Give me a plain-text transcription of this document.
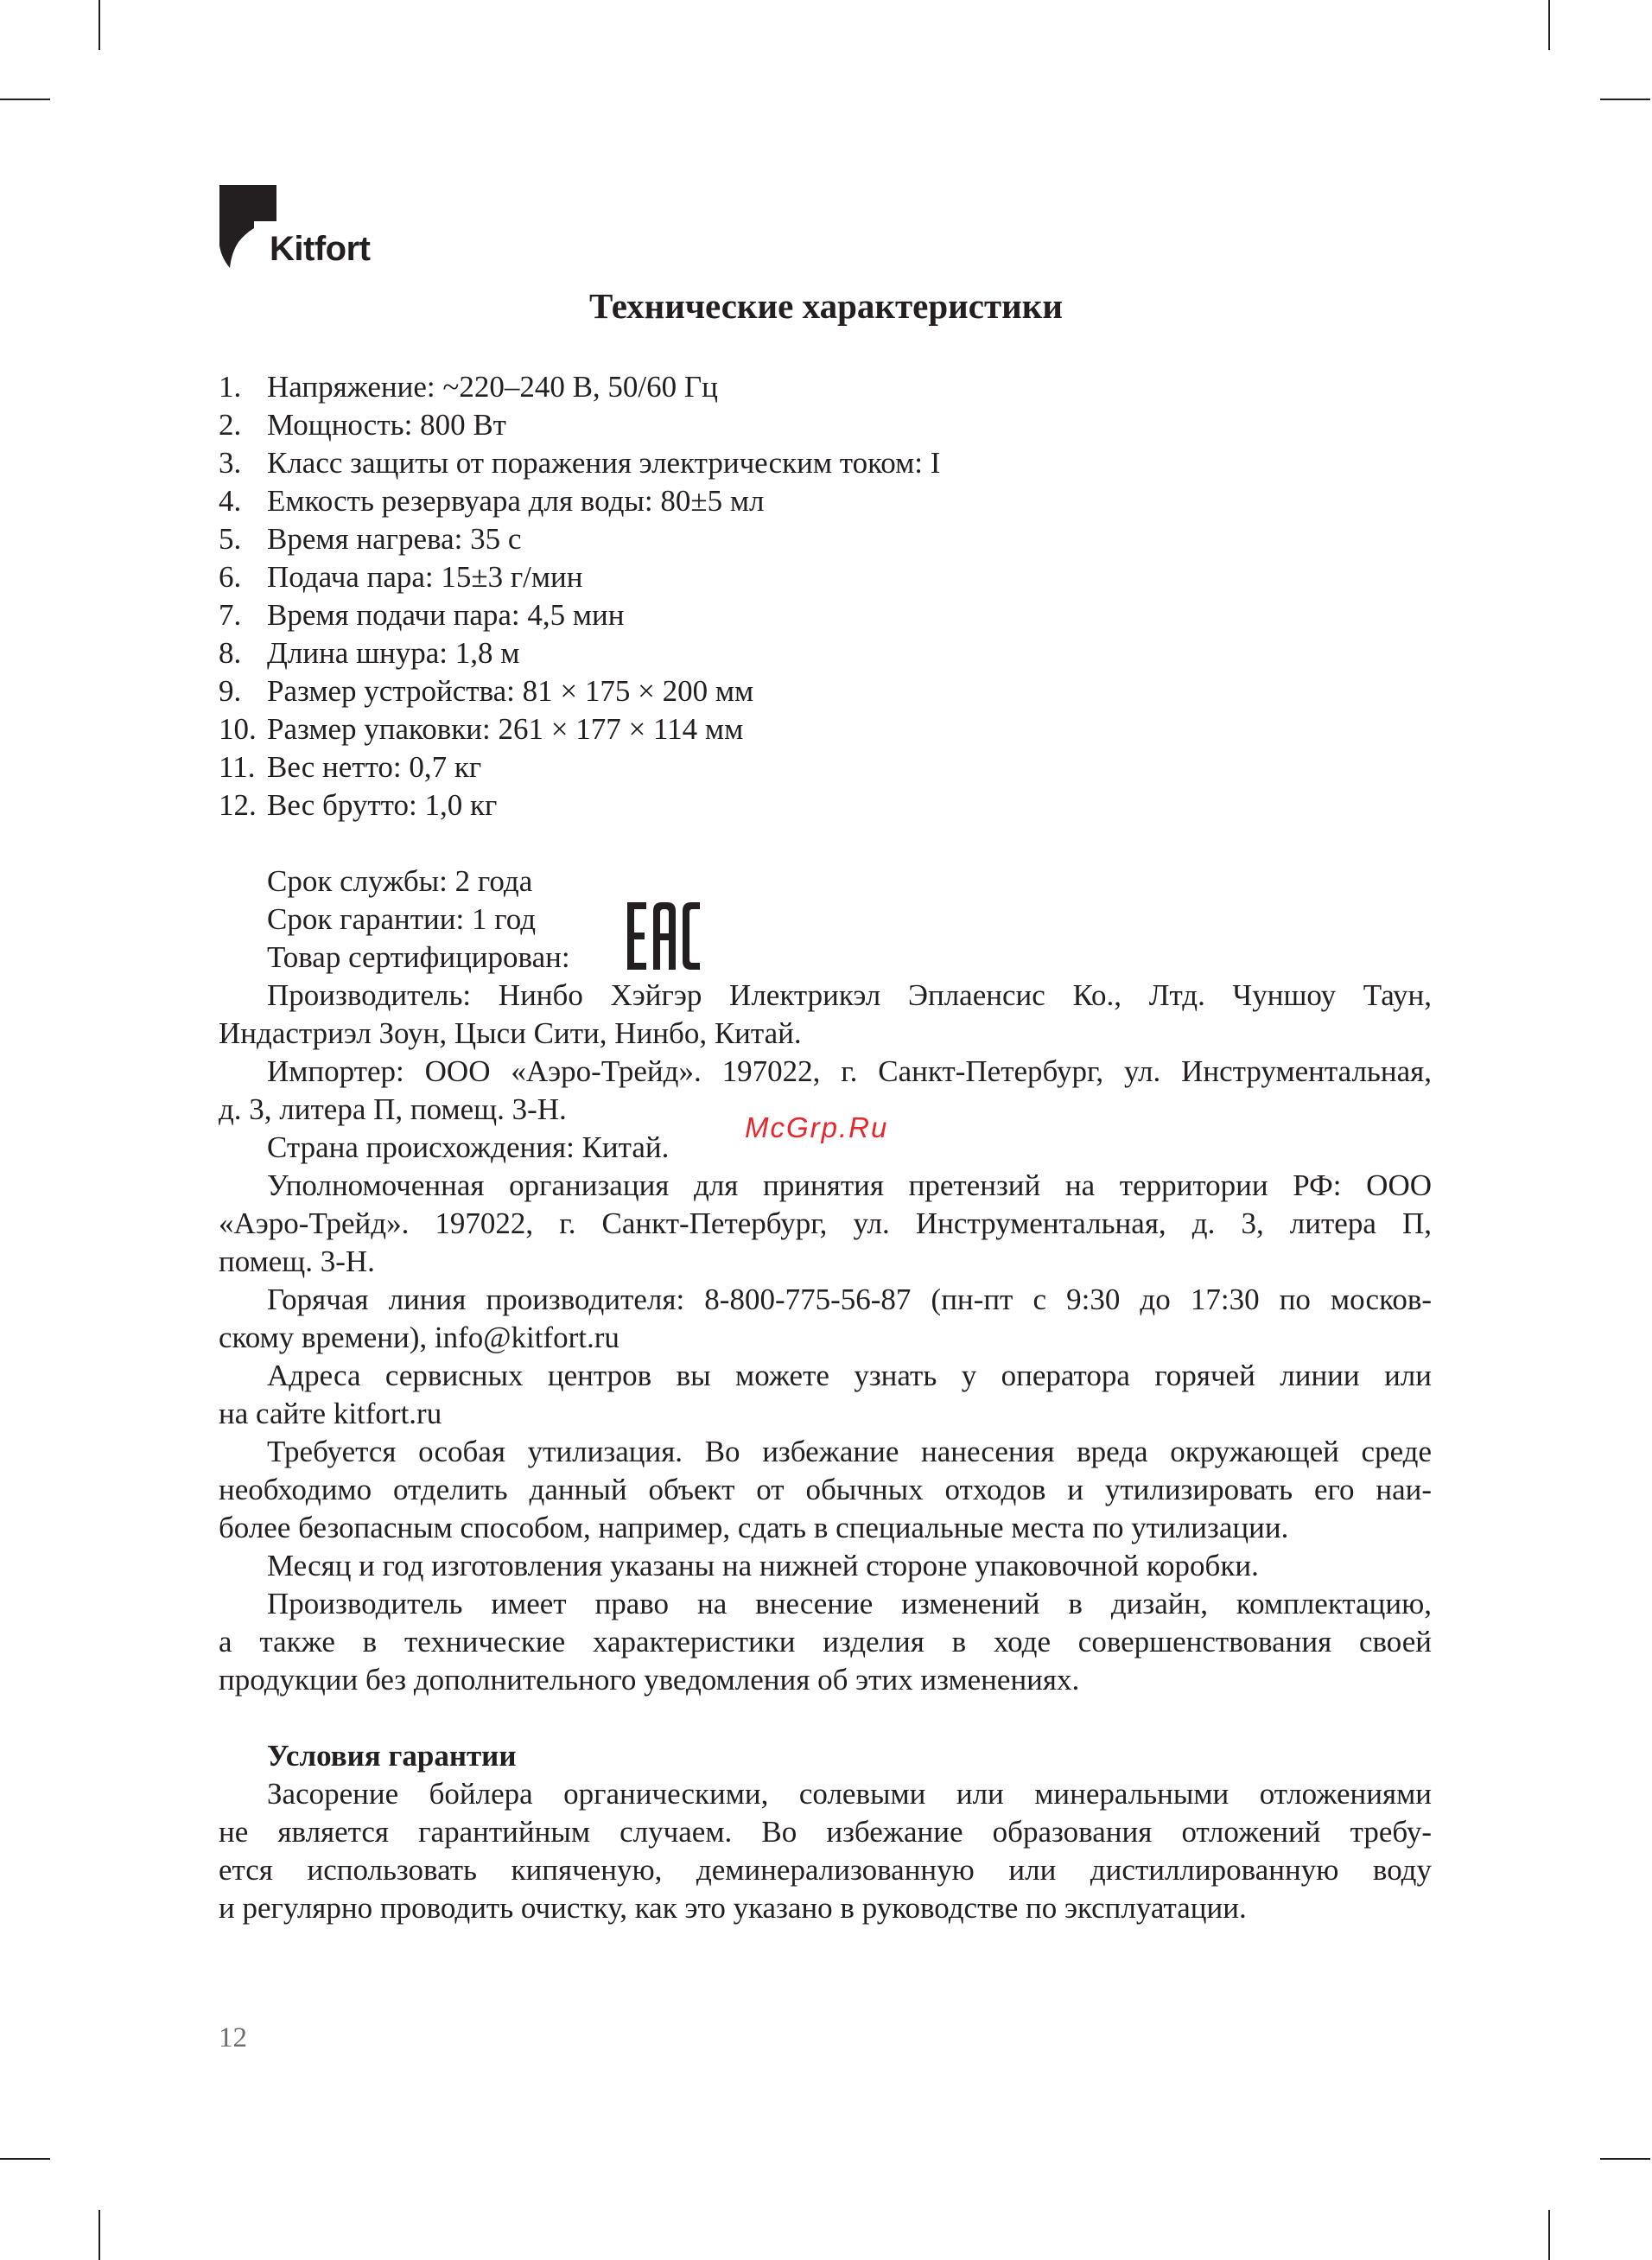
Kitfort
Технические характеристики
1. Напряжение: ~220–240 В, 50/60 Гц
2. Мощность: 800 Вт
3. Класс защиты от поражения электрическим током: I
4. Емкость резервуара для воды: 80±5 мл
5. Время нагрева: 35 с
6. Подача пара: 15±3 г/мин
7. Время подачи пара: 4,5 мин
8. Длина шнура: 1,8 м
9. Размер устройства: 81 × 175 × 200 мм
10. Размер упаковки: 261 × 177 × 114 мм
11. Вес нетто: 0,7 кг
12. Вес брутто: 1,0 кг
Срок службы: 2 года
Срок гарантии: 1 год
Товар сертифицирован:
Производитель: Нинбо Хэйгэр Илектрикэл Эплаенсис Ко., Лтд. Чуншоу Таун,
Индастриэл Зоун, Цыси Сити, Нинбо, Китай.
Импортер: ООО «Аэро-Трейд». 197022, г. Санкт-Петербург, ул. Инструментальная,
д. 3, литера П, помещ. 3-Н.
Страна происхождения: Китай.
Уполномоченная организация для принятия претензий на территории РФ: ООО
«Аэро-Трейд». 197022, г. Санкт-Петербург, ул. Инструментальная, д. 3, литера П,
помещ. 3-Н.
Горячая линия производителя: 8-800-775-56-87 (пн-пт с 9:30 до 17:30 по москов-
скому времени), info@kitfort.ru
Адреса сервисных центров вы можете узнать у оператора горячей линии или
на сайте kitfort.ru
Требуется особая утилизация. Во избежание нанесения вреда окружающей среде
необходимо отделить данный объект от обычных отходов и утилизировать его наи-
более безопасным способом, например, сдать в специальные места по утилизации.
Месяц и год изготовления указаны на нижней стороне упаковочной коробки.
Производитель имеет право на внесение изменений в дизайн, комплектацию,
а также в технические характеристики изделия в ходе совершенствования своей
продукции без дополнительного уведомления об этих изменениях.
Условия гарантии
Засорение бойлера органическими, солевыми или минеральными отложениями
не является гарантийным случаем. Во избежание образования отложений требу-
ется использовать кипяченую, деминерализованную или дистиллированную воду
и регулярно проводить очистку, как это указано в руководстве по эксплуатации.
McGrp.Ru
12
